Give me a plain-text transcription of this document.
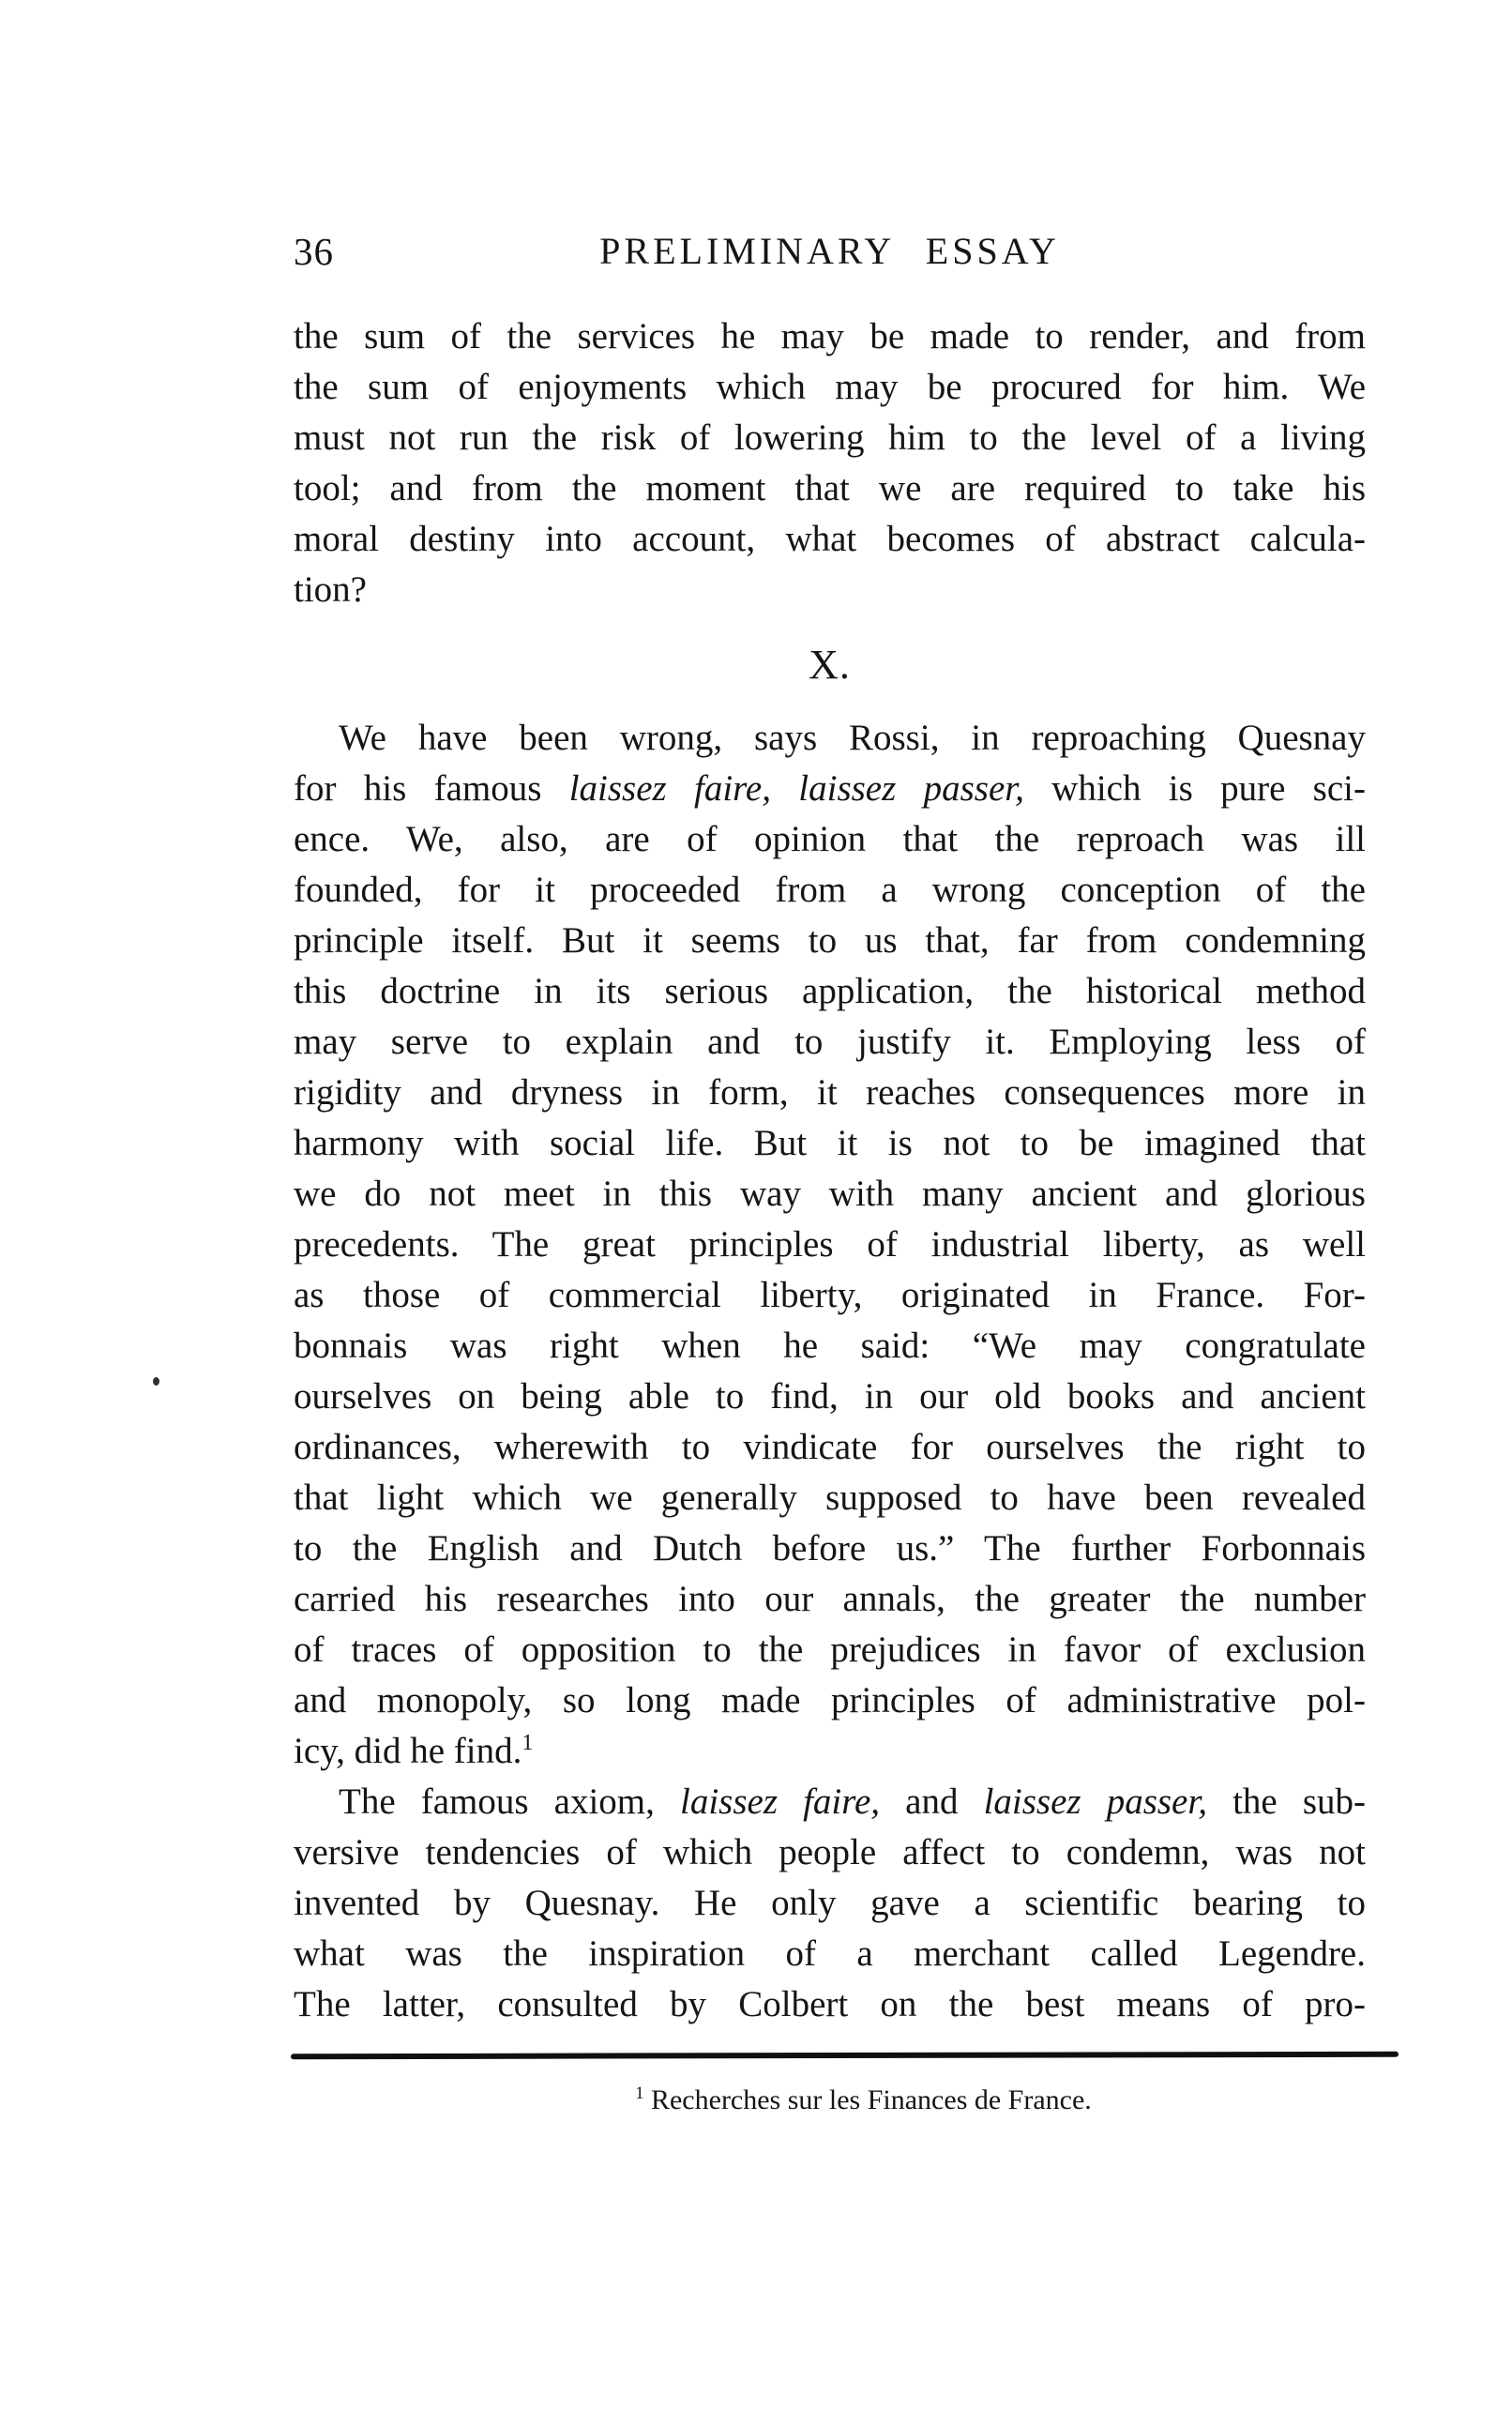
36	PRELIMINARY ESSAY
the sum of the services he may be made to render, and from
the sum of enjoyments which may be procured for him. We
must not run the risk of lowering him to the level of a living
tool; and from the moment that we are required to take his
moral destiny into account, what becomes of abstract calcula-
tion?
X.
We have been wrong, says Rossi, in reproaching Quesnay
for his famous laissez faire, laissez passer, which is pure sci-
ence. We, also, are of opinion that the reproach was ill
founded, for it proceeded from a wrong conception of the
principle itself. But it seems to us that, far from condemning
this doctrine in its serious application, the historical method
may serve to explain and to justify it. Employing less of
rigidity and dryness in form, it reaches consequences more in
harmony with social life. But it is not to be imagined that
we do not meet in this way with many ancient and glorious
precedents. The great principles of industrial liberty, as well
as those of commercial liberty, originated in France. For-
bonnais was right when he said: “We may congratulate
ourselves on being able to find, in our old books and ancient
ordinances, wherewith to vindicate for ourselves the right to
that light which we generally supposed to have been revealed
to the English and Dutch before us.” The further Forbonnais
carried his researches into our annals, the greater the number
of traces of opposition to the prejudices in favor of exclusion
and monopoly, so long made principles of administrative pol-
icy, did he find.$^1$
The famous axiom, laissez faire, and laissez passer, the sub-
versive tendencies of which people affect to condemn, was not
invented by Quesnay. He only gave a scientific bearing to
what was the inspiration of a merchant called Legendre.
The latter, consulted by Colbert on the best means of pro-

$^1$ Recherches sur les Finances de France.
